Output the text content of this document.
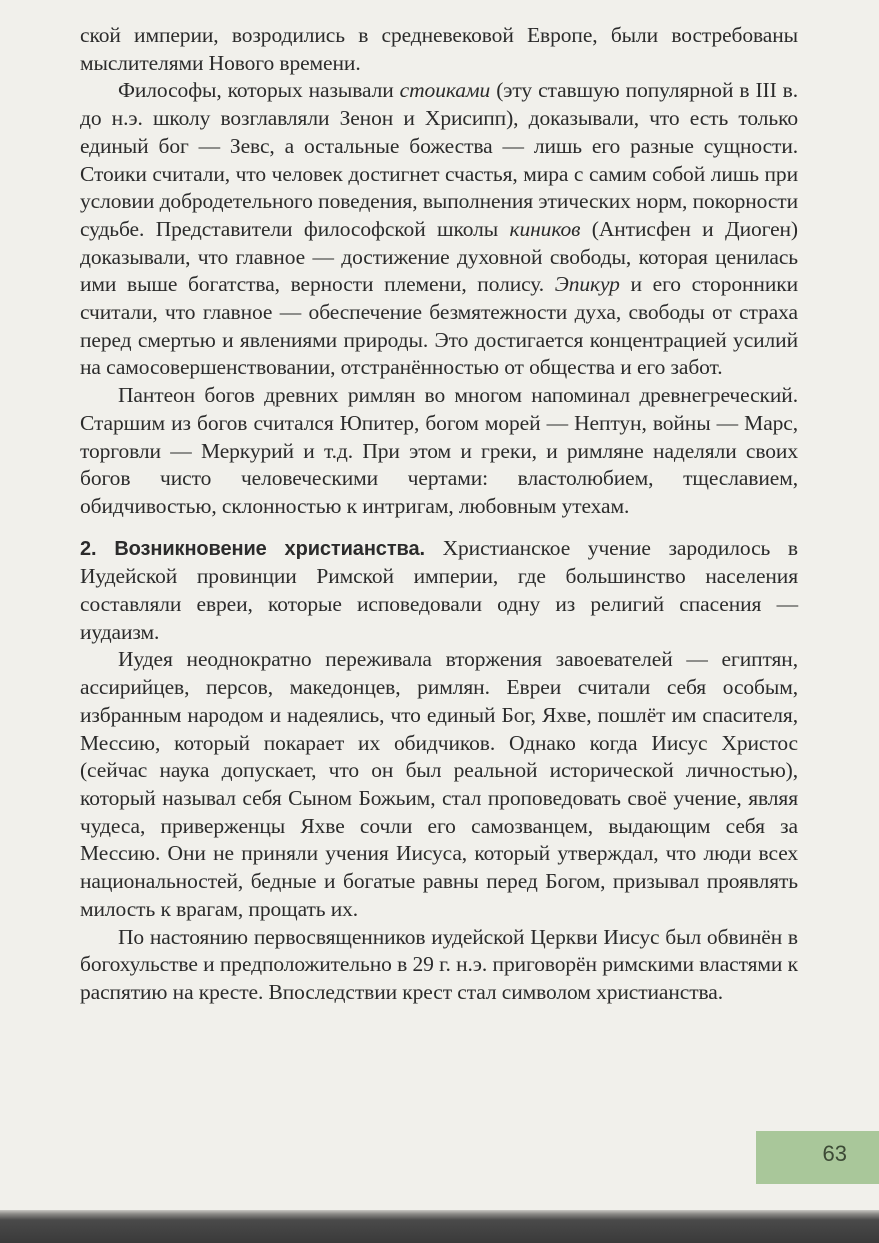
ской империи, возродились в средневековой Европе, были востребованы мыслителями Нового времени.

Философы, которых называли стоиками (эту ставшую популярной в III в. до н.э. школу возглавляли Зенон и Хрисипп), доказывали, что есть только единый бог — Зевс, а остальные божества — лишь его разные сущности. Стоики считали, что человек достигнет счастья, мира с самим собой лишь при условии добродетельного поведения, выполнения этических норм, покорности судьбе. Представители философской школы киников (Антисфен и Диоген) доказывали, что главное — достижение духовной свободы, которая ценилась ими выше богатства, верности племени, полису. Эпикур и его сторонники считали, что главное — обеспечение безмятежности духа, свободы от страха перед смертью и явлениями природы. Это достигается концентрацией усилий на самосовершенствовании, отстранённостью от общества и его забот.

Пантеон богов древних римлян во многом напоминал древнегреческий. Старшим из богов считался Юпитер, богом морей — Нептун, войны — Марс, торговли — Меркурий и т.д. При этом и греки, и римляне наделяли своих богов чисто человеческими чертами: властолюбием, тщеславием, обидчивостью, склонностью к интригам, любовным утехам.

2. Возникновение христианства. Христианское учение зародилось в Иудейской провинции Римской империи, где большинство населения составляли евреи, которые исповедовали одну из религий спасения — иудаизм.

Иудея неоднократно переживала вторжения завоевателей — египтян, ассирийцев, персов, македонцев, римлян. Евреи считали себя особым, избранным народом и надеялись, что единый Бог, Яхве, пошлёт им спасителя, Мессию, который покарает их обидчиков. Однако когда Иисус Христос (сейчас наука допускает, что он был реальной исторической личностью), который называл себя Сыном Божьим, стал проповедовать своё учение, являя чудеса, приверженцы Яхве сочли его самозванцем, выдающим себя за Мессию. Они не приняли учения Иисуса, который утверждал, что люди всех национальностей, бедные и богатые равны перед Богом, призывал проявлять милость к врагам, прощать их.

По настоянию первосвященников иудейской Церкви Иисус был обвинён в богохульстве и предположительно в 29 г. н.э. приговорён римскими властями к распятию на кресте. Впоследствии крест стал символом христианства.

63
